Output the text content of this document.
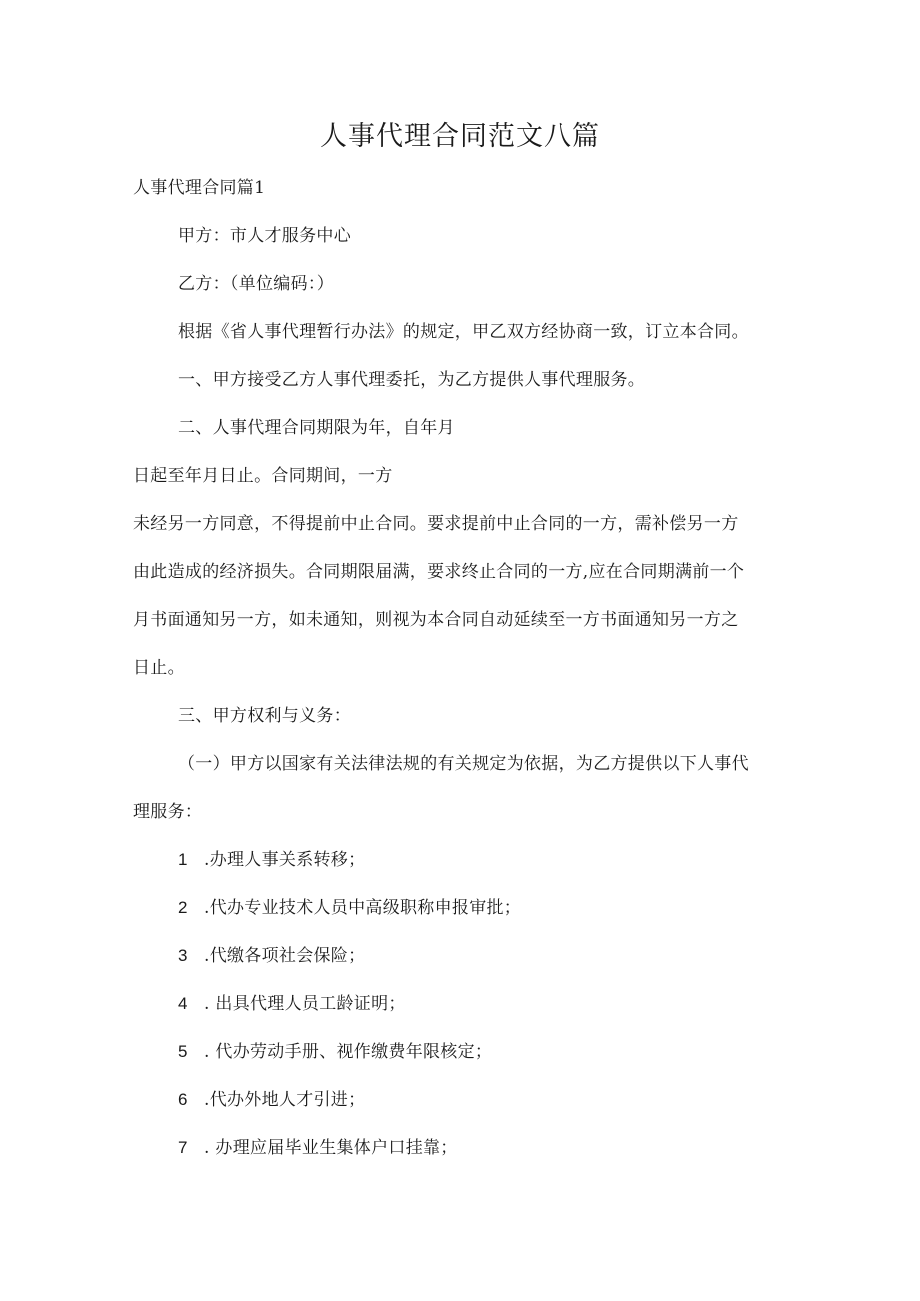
人事代理合同范文八篇
人事代理合同篇1
甲方：市人才服务中心
乙方：（单位编码：）
根据《省人事代理暂行办法》的规定，甲乙双方经协商一致，订立本合同。
一、甲方接受乙方人事代理委托，为乙方提供人事代理服务。
二、人事代理合同期限为年，自年月
日起至年月日止。合同期间，一方
未经另一方同意，不得提前中止合同。要求提前中止合同的一方，需补偿另一方
由此造成的经济损失。合同期限届满，要求终止合同的一方,应在合同期满前一个
月书面通知另一方，如未通知，则视为本合同自动延续至一方书面通知另一方之
日止。
三、甲方权利与义务：
（一）甲方以国家有关法律法规的有关规定为依据，为乙方提供以下人事代
理服务：
1 .办理人事关系转移；
2 .代办专业技术人员中高级职称申报审批；
3 .代缴各项社会保险；
4 . 出具代理人员工龄证明；
5 . 代办劳动手册、视作缴费年限核定；
6 .代办外地人才引进；
7 . 办理应届毕业生集体户口挂靠；
